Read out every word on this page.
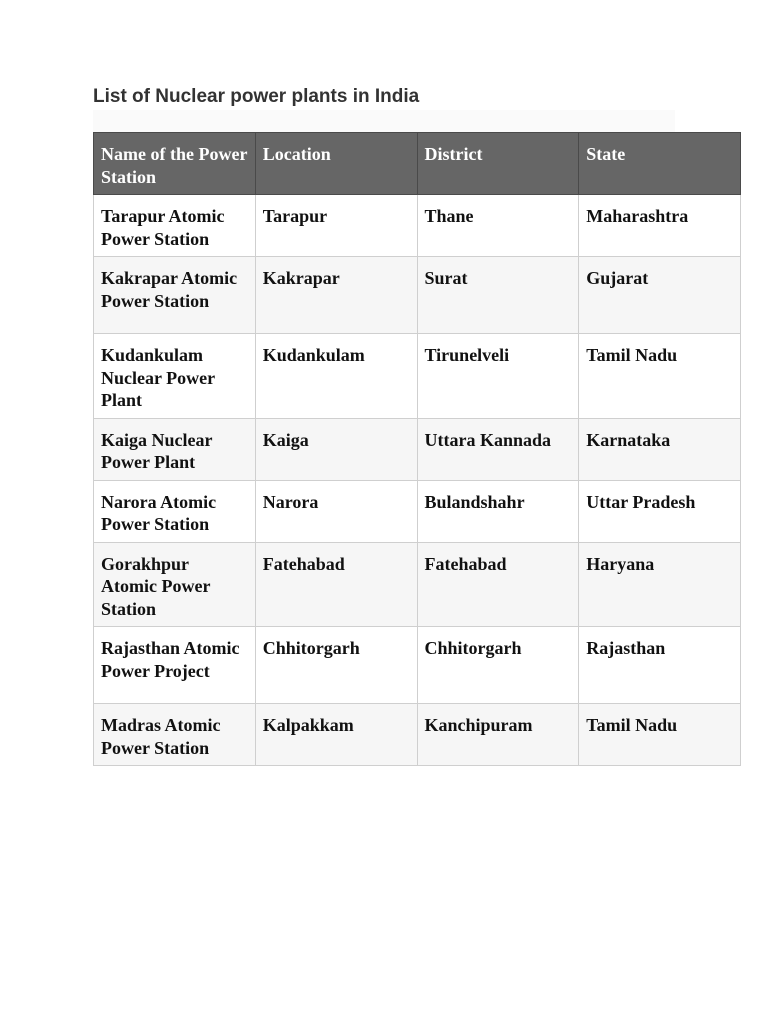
List of Nuclear power plants in India
Name of the Power Station	Location	District	State
Tarapur Atomic Power Station	Tarapur	Thane	Maharashtra
Kakrapar Atomic Power Station	Kakrapar	Surat	Gujarat
Kudankulam Nuclear Power Plant	Kudankulam	Tirunelveli	Tamil Nadu
Kaiga Nuclear Power Plant	Kaiga	Uttara Kannada	Karnataka
Narora Atomic Power Station	Narora	Bulandshahr	Uttar Pradesh
Gorakhpur Atomic Power Station	Fatehabad	Fatehabad	Haryana
Rajasthan Atomic Power Project	Chhitorgarh	Chhitorgarh	Rajasthan
Madras Atomic Power Station	Kalpakkam	Kanchipuram	Tamil Nadu
